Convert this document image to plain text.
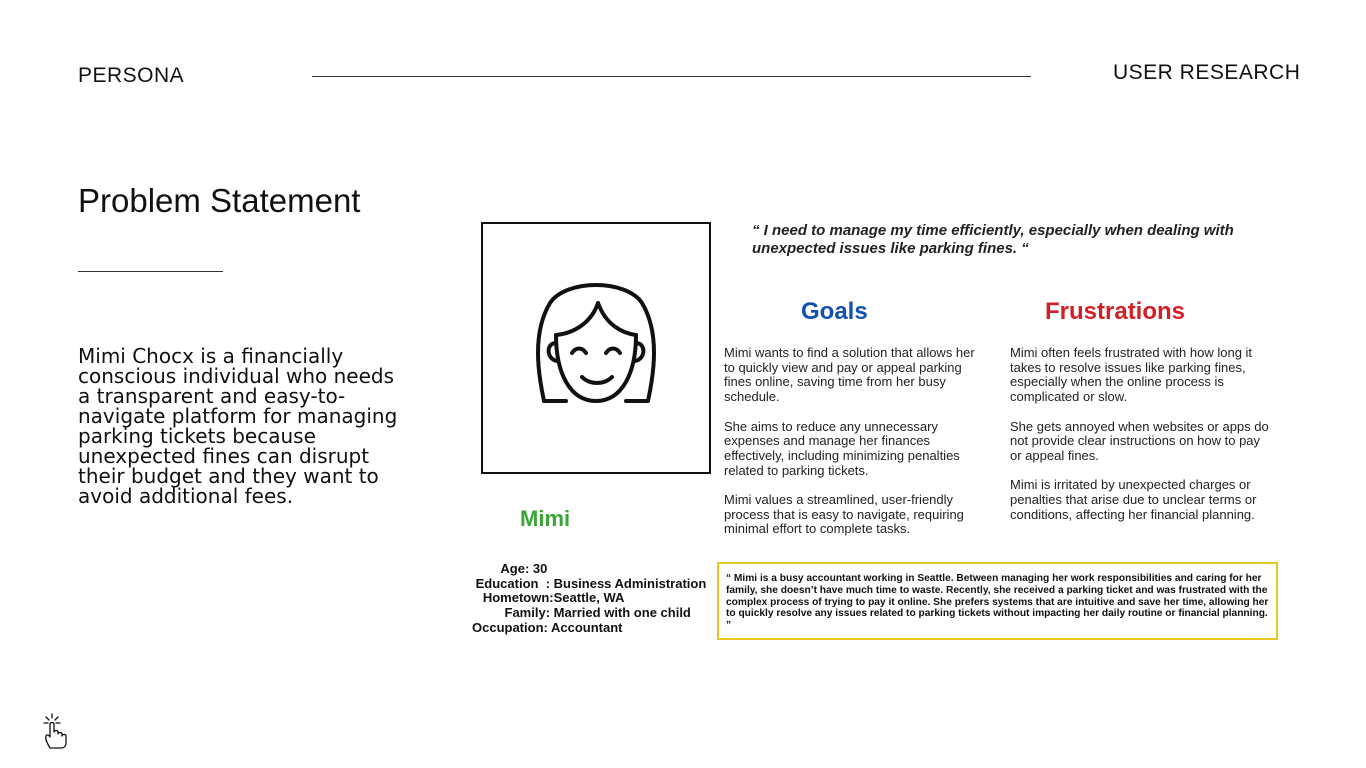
PERSONA	USER RESEARCH
Problem Statement
Mimi Chocx is a financially conscious individual who needs a transparent and easy-to-navigate platform for managing parking tickets because unexpected fines can disrupt their budget and they want to avoid additional fees.
Mimi
Age: 30
Education  : Business Administration
Hometown:Seattle, WA
Family: Married with one child
Occupation: Accountant
“ I need to manage my time efficiently, especially when dealing with unexpected issues like parking fines. “
Goals	Frustrations

Mimi wants to find a solution that allows her to quickly view and pay or appeal parking fines online, saving time from her busy schedule.

She aims to reduce any unnecessary expenses and manage her finances effectively, including minimizing penalties related to parking tickets.

Mimi values a streamlined, user-friendly process that is easy to navigate, requiring minimal effort to complete tasks.

Mimi often feels frustrated with how long it takes to resolve issues like parking fines, especially when the online process is complicated or slow.

She gets annoyed when websites or apps do not provide clear instructions on how to pay or appeal fines.

Mimi is irritated by unexpected charges or penalties that arise due to unclear terms or conditions, affecting her financial planning.

“ Mimi is a busy accountant working in Seattle. Between managing her work responsibilities and caring for her family, she doesn’t have much time to waste. Recently, she received a parking ticket and was frustrated with the complex process of trying to pay it online. She prefers systems that are intuitive and save her time, allowing her to quickly resolve any issues related to parking tickets without impacting her daily routine or financial planning. ”
